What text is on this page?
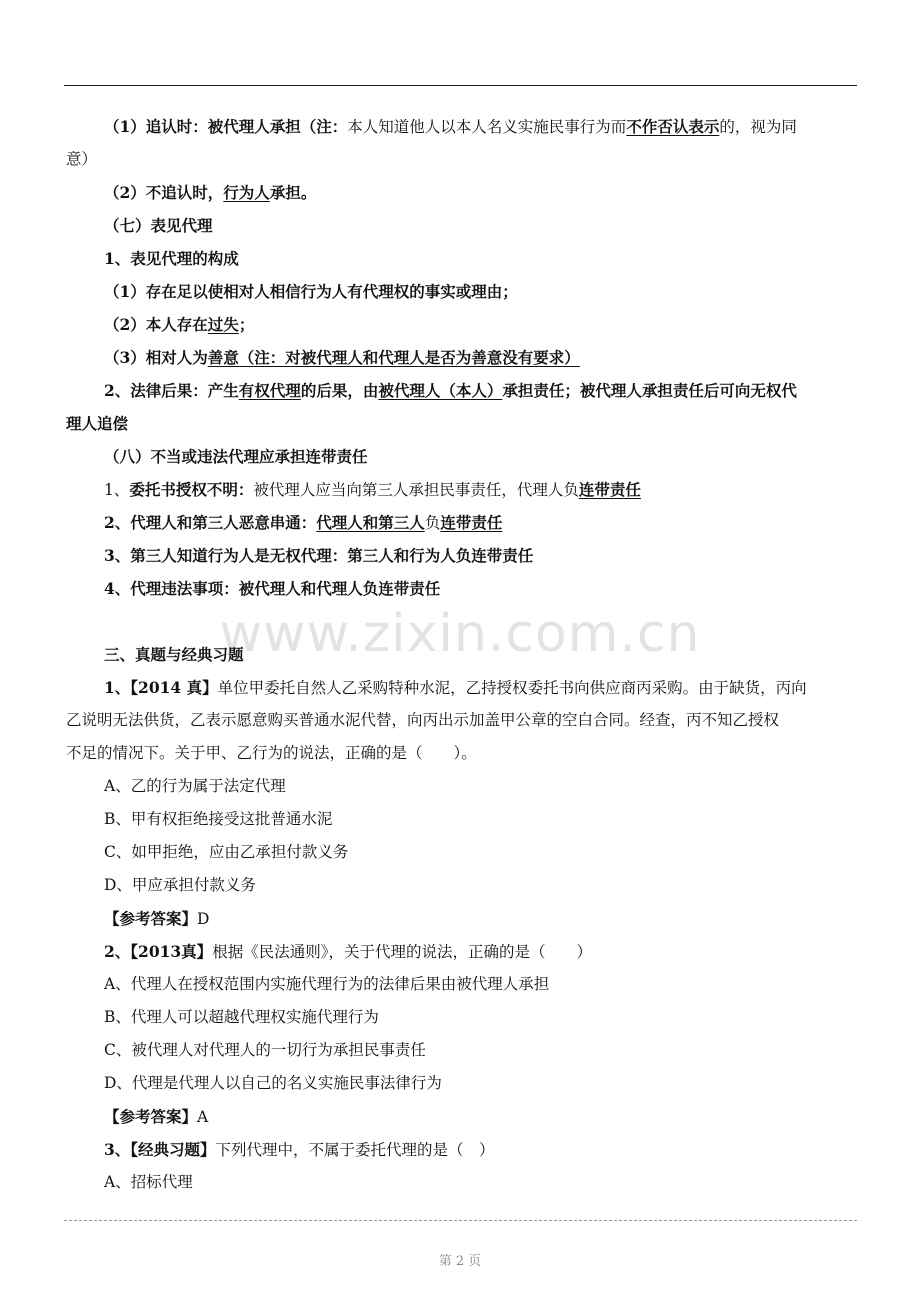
www.zixin.com.cn
（1）追认时：被代理人承担（注：本人知道他人以本人名义实施民事行为而不作否认表示的，视为同
意）
（2）不追认时，行为人承担。
（七）表见代理
1、表见代理的构成
（1）存在足以使相对人相信行为人有代理权的事实或理由；
（2）本人存在过失；
（3）相对人为善意（注：对被代理人和代理人是否为善意没有要求）
2、法律后果：产生有权代理的后果，由被代理人（本人）承担责任；被代理人承担责任后可向无权代
理人追偿
（八）不当或违法代理应承担连带责任
1、委托书授权不明：被代理人应当向第三人承担民事责任，代理人负连带责任
2、代理人和第三人恶意串通：代理人和第三人负连带责任
3、第三人知道行为人是无权代理：第三人和行为人负连带责任
4、代理违法事项：被代理人和代理人负连带责任
三、真题与经典习题
1、【2014 真】单位甲委托自然人乙采购特种水泥，乙持授权委托书向供应商丙采购。由于缺货，丙向
乙说明无法供货，乙表示愿意购买普通水泥代替，向丙出示加盖甲公章的空白合同。经查，丙不知乙授权
不足的情况下。关于甲、乙行为的说法，正确的是（　　）。
A、乙的行为属于法定代理
B、甲有权拒绝接受这批普通水泥
C、如甲拒绝，应由乙承担付款义务
D、甲应承担付款义务
【参考答案】D
2、【2013真】根据《民法通则》，关于代理的说法，正确的是（　　）
A、代理人在授权范围内实施代理行为的法律后果由被代理人承担
B、代理人可以超越代理权实施代理行为
C、被代理人对代理人的一切行为承担民事责任
D、代理是代理人以自己的名义实施民事法律行为
【参考答案】A
3、【经典习题】下列代理中，不属于委托代理的是（　）
A、招标代理
第 2 页
